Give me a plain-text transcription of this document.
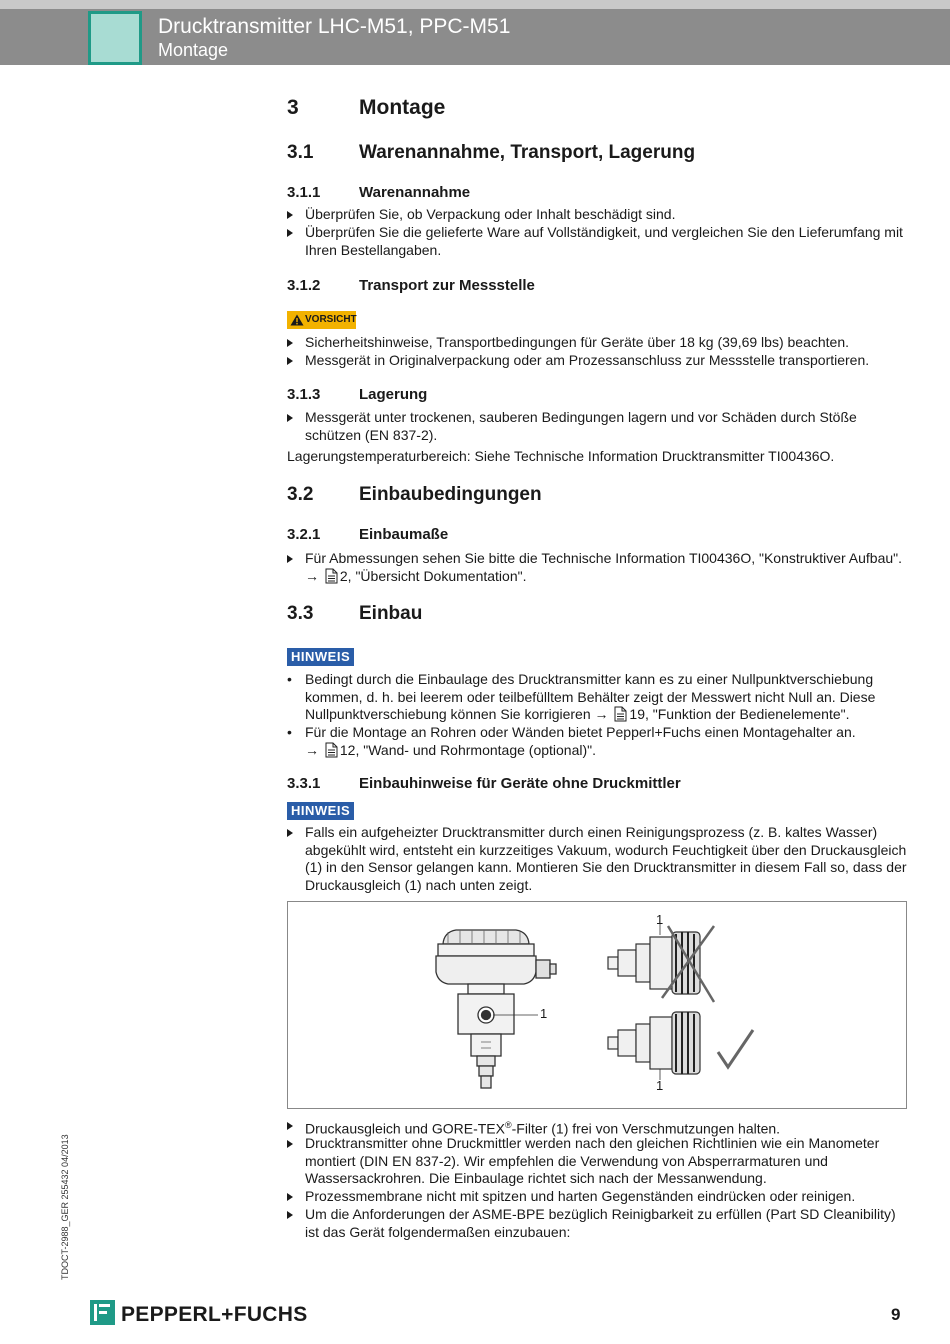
Drucktransmitter LHC-M51, PPC-M51
Montage
3	Montage
3.1 Warenannahme, Transport, Lagerung
3.1.1	Warenannahme
Überprüfen Sie, ob Verpackung oder Inhalt beschädigt sind.
Überprüfen Sie die gelieferte Ware auf Vollständigkeit, und vergleichen Sie den Lieferumfang mit Ihren Bestellangaben.
3.1.2	Transport zur Messstelle
VORSICHT
Sicherheitshinweise, Transportbedingungen für Geräte über 18 kg (39,69 lbs) beachten.
Messgerät in Originalverpackung oder am Prozessanschluss zur Messstelle transportieren.
3.1.3	Lagerung
Messgerät unter trockenen, sauberen Bedingungen lagern und vor Schäden durch Stöße schützen (EN 837-2).
Lagerungstemperaturbereich: Siehe Technische Information Drucktransmitter TI00436O.
3.2 Einbaubedingungen
3.2.1	Einbaumaße
Für Abmessungen sehen Sie bitte die Technische Information TI00436O, "Konstruktiver Aufbau". → 2, "Übersicht Dokumentation".
3.3 Einbau
HINWEIS
• Bedingt durch die Einbaulage des Drucktransmitter kann es zu einer Nullpunktverschiebung kommen, d. h. bei leerem oder teilbefülltem Behälter zeigt der Messwert nicht Null an. Diese Nullpunktverschiebung können Sie korrigieren → 19, "Funktion der Bedienelemente".
• Für die Montage an Rohren oder Wänden bietet Pepperl+Fuchs einen Montagehalter an.
→ 12, "Wand- und Rohrmontage (optional)".
3.3.1	Einbauhinweise für Geräte ohne Druckmittler
HINWEIS
Falls ein aufgeheizter Drucktransmitter durch einen Reinigungsprozess (z. B. kaltes Wasser) abgekühlt wird, entsteht ein kurzzeitiges Vakuum, wodurch Feuchtigkeit über den Druckausgleich (1) in den Sensor gelangen kann. Montieren Sie den Drucktransmitter in diesem Fall so, dass der Druckausgleich (1) nach unten zeigt.
1
1
1
Druckausgleich und GORE-TEX®-Filter (1) frei von Verschmutzungen halten.
Drucktransmitter ohne Druckmittler werden nach den gleichen Richtlinien wie ein Manometer montiert (DIN EN 837-2). Wir empfehlen die Verwendung von Absperrarmaturen und Wassersackrohren. Die Einbaulage richtet sich nach der Messanwendung.
Prozessmembrane nicht mit spitzen und harten Gegenständen eindrücken oder reinigen.
Um die Anforderungen der ASME-BPE bezüglich Reinigbarkeit zu erfüllen (Part SD Cleanibility) ist das Gerät folgendermaßen einzubauen:
TDOCT-2988_GER 255432 04/2013
PEPPERL+FUCHS	9
